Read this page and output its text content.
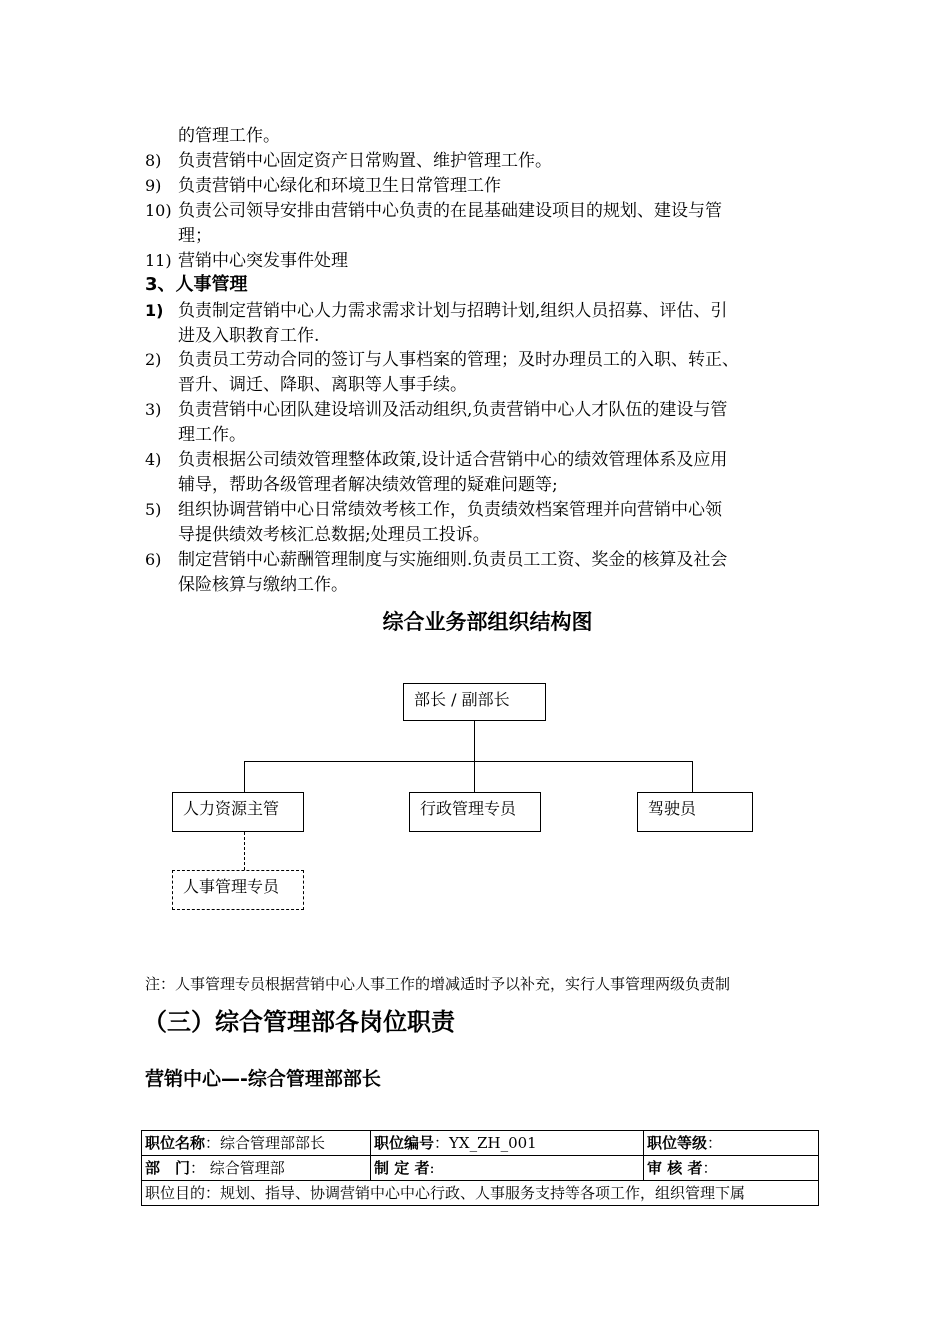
的管理工作。
8) 负责营销中心固定资产日常购置、维护管理工作。
9) 负责营销中心绿化和环境卫生日常管理工作
10) 负责公司领导安排由营销中心负责的在昆基础建设项目的规划、建设与管
理；
11) 营销中心突发事件处理
3、人事管理
1) 负责制定营销中心人力需求需求计划与招聘计划,组织人员招募、评估、引
进及入职教育工作.
2) 负责员工劳动合同的签订与人事档案的管理；及时办理员工的入职、转正、
晋升、调迁、降职、离职等人事手续。
3) 负责营销中心团队建设培训及活动组织,负责营销中心人才队伍的建设与管
理工作。
4) 负责根据公司绩效管理整体政策,设计适合营销中心的绩效管理体系及应用
辅导，帮助各级管理者解决绩效管理的疑难问题等;
5) 组织协调营销中心日常绩效考核工作，负责绩效档案管理并向营销中心领
导提供绩效考核汇总数据;处理员工投诉。
6) 制定营销中心薪酬管理制度与实施细则.负责员工工资、奖金的核算及社会
保险核算与缴纳工作。
综合业务部组织结构图
部长 / 副部长
人力资源主管	行政管理专员	驾驶员
人事管理专员
注：人事管理专员根据营销中心人事工作的增减适时予以补充，实行人事管理两级负责制
（三）综合管理部各岗位职责
营销中心—-综合管理部部长
职位名称：综合管理部部长	职位编号：YX_ZH_001	职位等级：
部　门： 综合管理部	制 定 者:	审 核 者：
职位目的：规划、指导、协调营销中心中心行政、人事服务支持等各项工作，组织管理下属		
